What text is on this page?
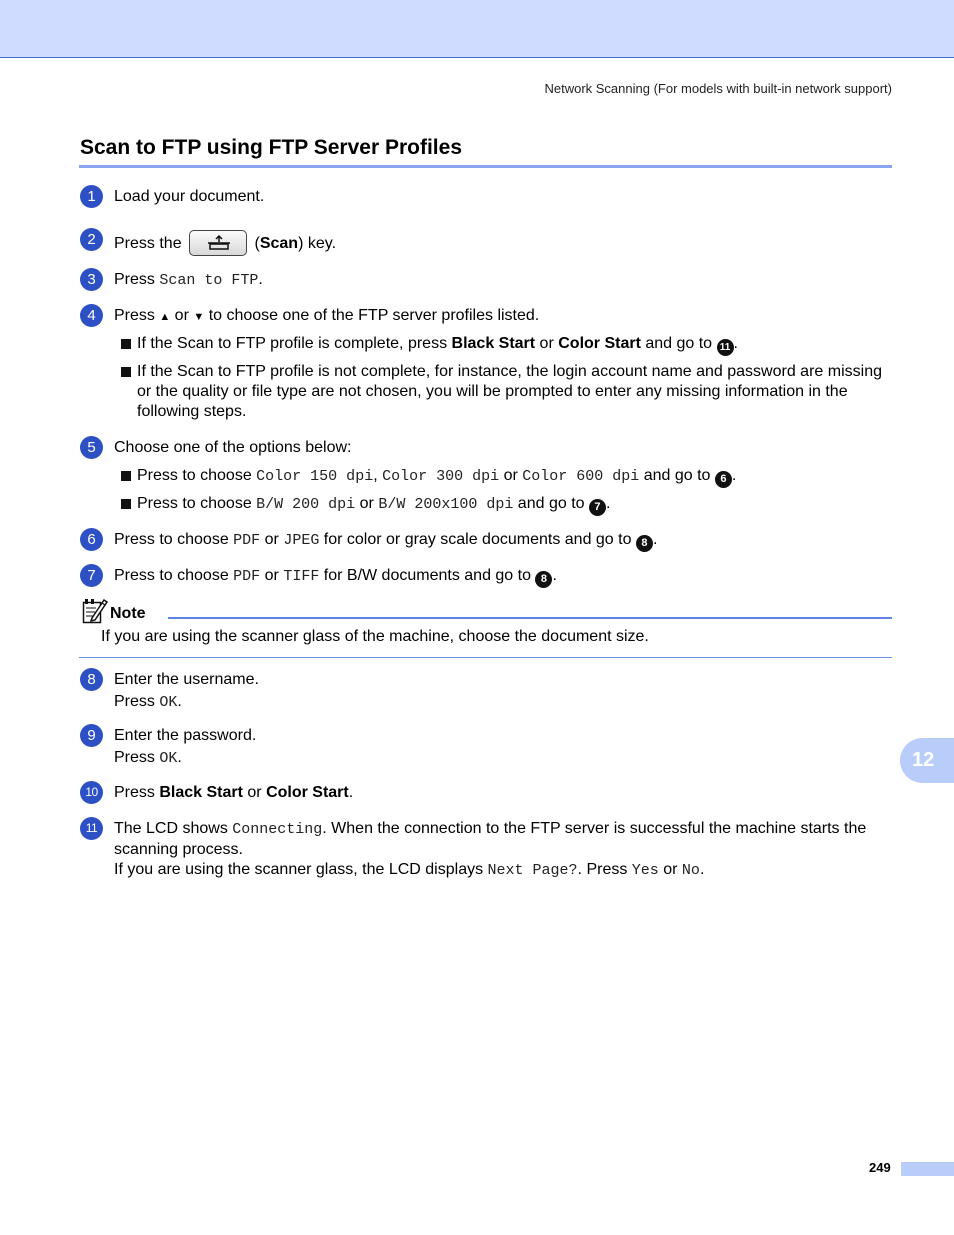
Network Scanning (For models with built-in network support)
Scan to FTP using FTP Server Profiles
1	Load your document.
2	Press the	(Scan) key.
3	Press Scan to FTP.
4	Press ▲ or ▼ to choose one of the FTP server profiles listed.
If the Scan to FTP profile is complete, press Black Start or Color Start and go to 11 .
If the Scan to FTP profile is not complete, for instance, the login account name and password are missing or the quality or file type are not chosen, you will be prompted to enter any missing information in the following steps.
5	Choose one of the options below:
Press to choose Color 150 dpi, Color 300 dpi or Color 600 dpi and go to 6 .
Press to choose B/W 200 dpi or B/W 200x100 dpi and go to 7 .
6	Press to choose PDF or JPEG for color or gray scale documents and go to 8 .
7	Press to choose PDF or TIFF for B/W documents and go to 8 .
Note
If you are using the scanner glass of the machine, choose the document size.
8	Enter the username.
Press OK.
9	Enter the password.
Press OK.
10	Press Black Start or Color Start.
11	The LCD shows Connecting. When the connection to the FTP server is successful the machine starts the scanning process.
If you are using the scanner glass, the LCD displays Next Page?. Press Yes or No.
12
249
